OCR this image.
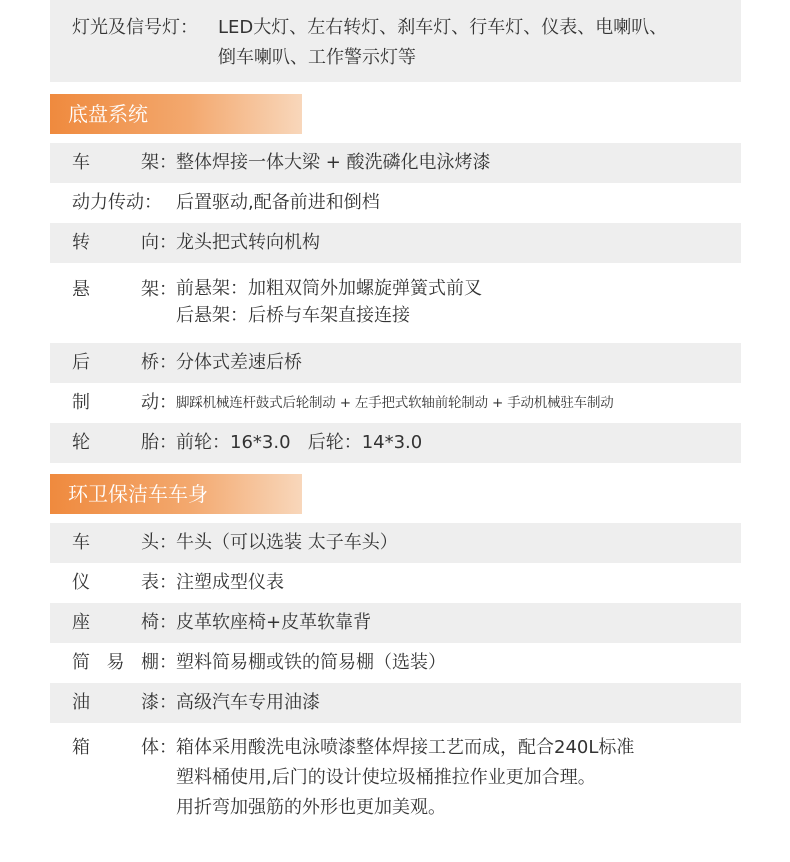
灯光及信号灯： LED大灯、左右转灯、刹车灯、行车灯、仪表、电喇叭、
倒车喇叭、工作警示灯等
底盘系统
车	架 ： 整体焊接一体大梁 + 酸洗磷化电泳烤漆
动力传动： 后置驱动,配备前进和倒档
转	向 ： 龙头把式转向机构
悬	架 ： 前悬架：加粗双筒外加螺旋弹簧式前叉
后悬架：后桥与车架直接连接
后	桥 ： 分体式差速后桥
制	动 ： 脚踩机械连杆鼓式后轮制动 + 左手把式软轴前轮制动 + 手动机械驻车制动
轮	胎 ： 前轮：16*3.0   后轮：14*3.0
环卫保洁车车身
车	头 ： 牛头（可以选装 太子车头）
仪	表 ： 注塑成型仪表
座	椅 ： 皮革软座椅+皮革软靠背
简 易 棚 ： 塑料简易棚或铁的简易棚（选装）
油	漆 ： 高级汽车专用油漆
箱	体 ： 箱体采用酸洗电泳喷漆整体焊接工艺而成，配合240L标准
塑料桶使用,后门的设计使垃圾桶推拉作业更加合理。
用折弯加强筋的外形也更加美观。
